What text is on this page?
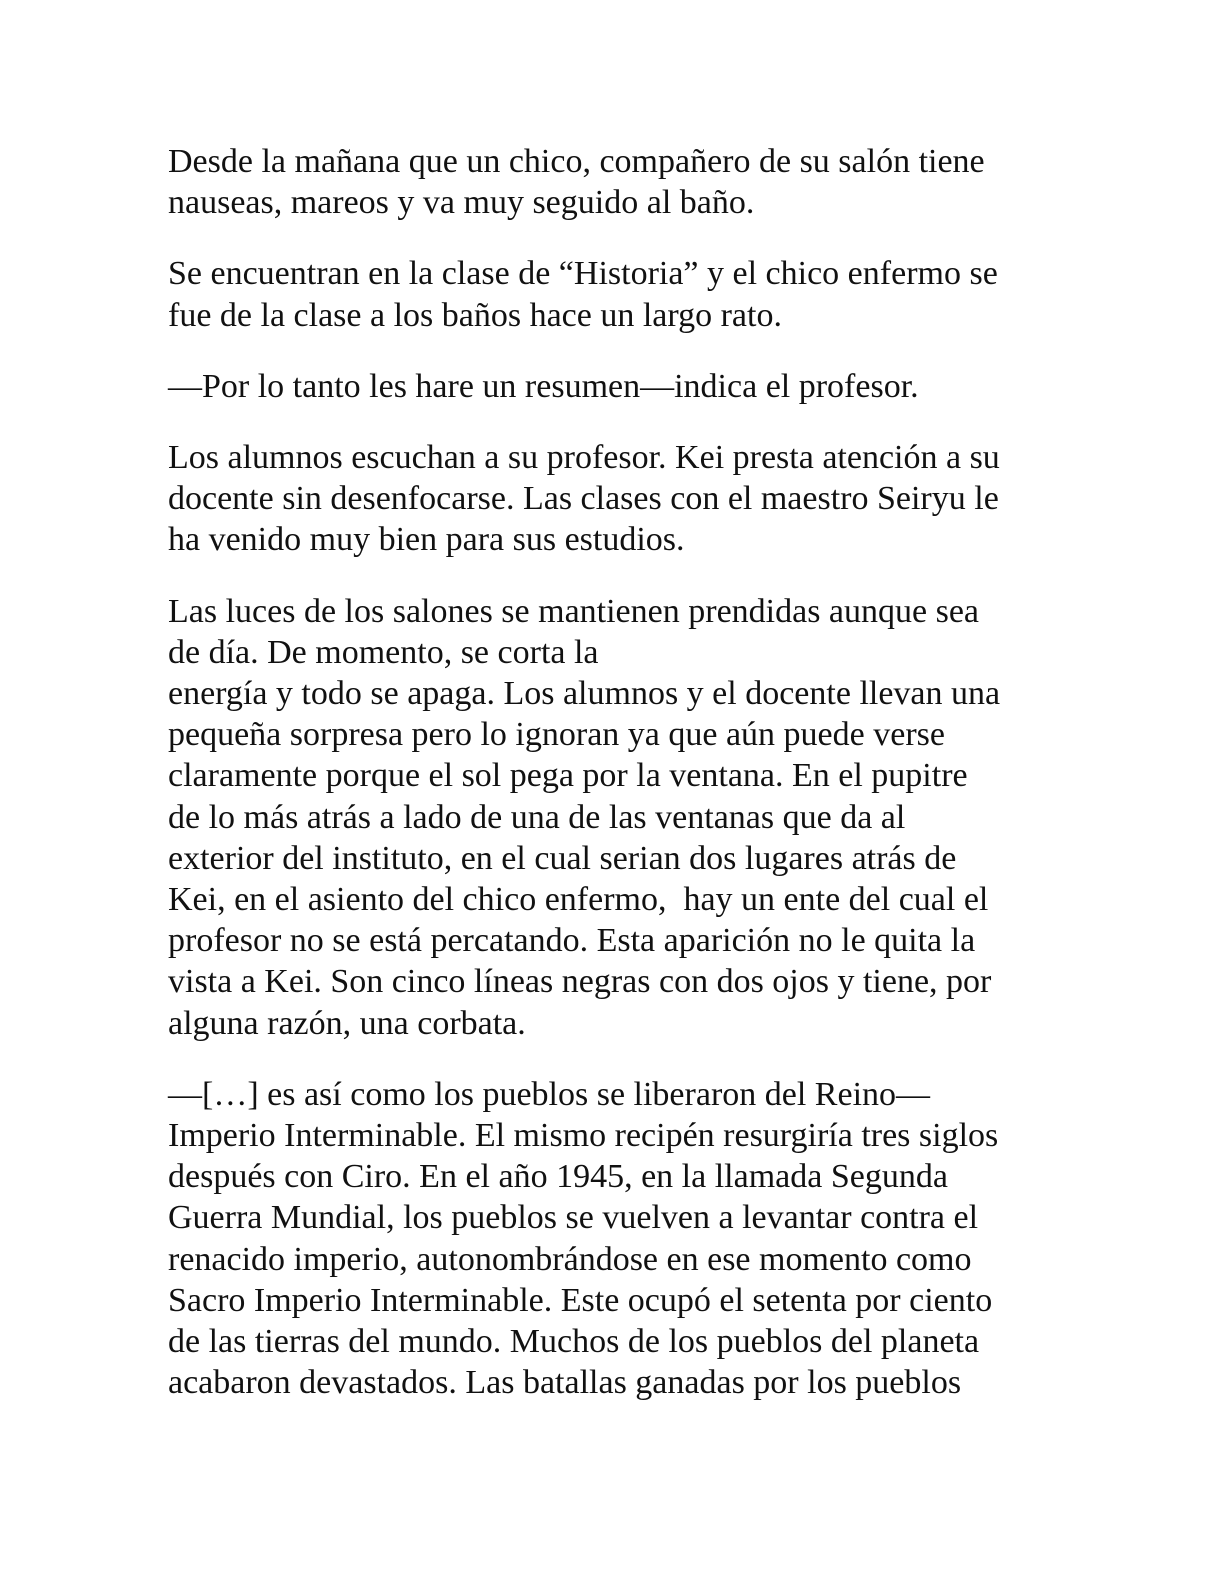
Desde la mañana que un chico, compañero de su salón tiene
nauseas, mareos y va muy seguido al baño.

Se encuentran en la clase de “Historia” y el chico enfermo se
fue de la clase a los baños hace un largo rato.

—Por lo tanto les hare un resumen—indica el profesor.

Los alumnos escuchan a su profesor. Kei presta atención a su
docente sin desenfocarse. Las clases con el maestro Seiryu le
ha venido muy bien para sus estudios.

Las luces de los salones se mantienen prendidas aunque sea
de día. De momento, se corta la
energía y todo se apaga. Los alumnos y el docente llevan una
pequeña sorpresa pero lo ignoran ya que aún puede verse
claramente porque el sol pega por la ventana. En el pupitre
de lo más atrás a lado de una de las ventanas que da al
exterior del instituto, en el cual serian dos lugares atrás de
Kei, en el asiento del chico enfermo,  hay un ente del cual el
profesor no se está percatando. Esta aparición no le quita la
vista a Kei. Son cinco líneas negras con dos ojos y tiene, por
alguna razón, una corbata.

—[…] es así como los pueblos se liberaron del Reino—
Imperio Interminable. El mismo recipén resurgiría tres siglos
después con Ciro. En el año 1945, en la llamada Segunda
Guerra Mundial, los pueblos se vuelven a levantar contra el
renacido imperio, autonombrándose en ese momento como
Sacro Imperio Interminable. Este ocupó el setenta por ciento
de las tierras del mundo. Muchos de los pueblos del planeta
acabaron devastados. Las batallas ganadas por los pueblos
